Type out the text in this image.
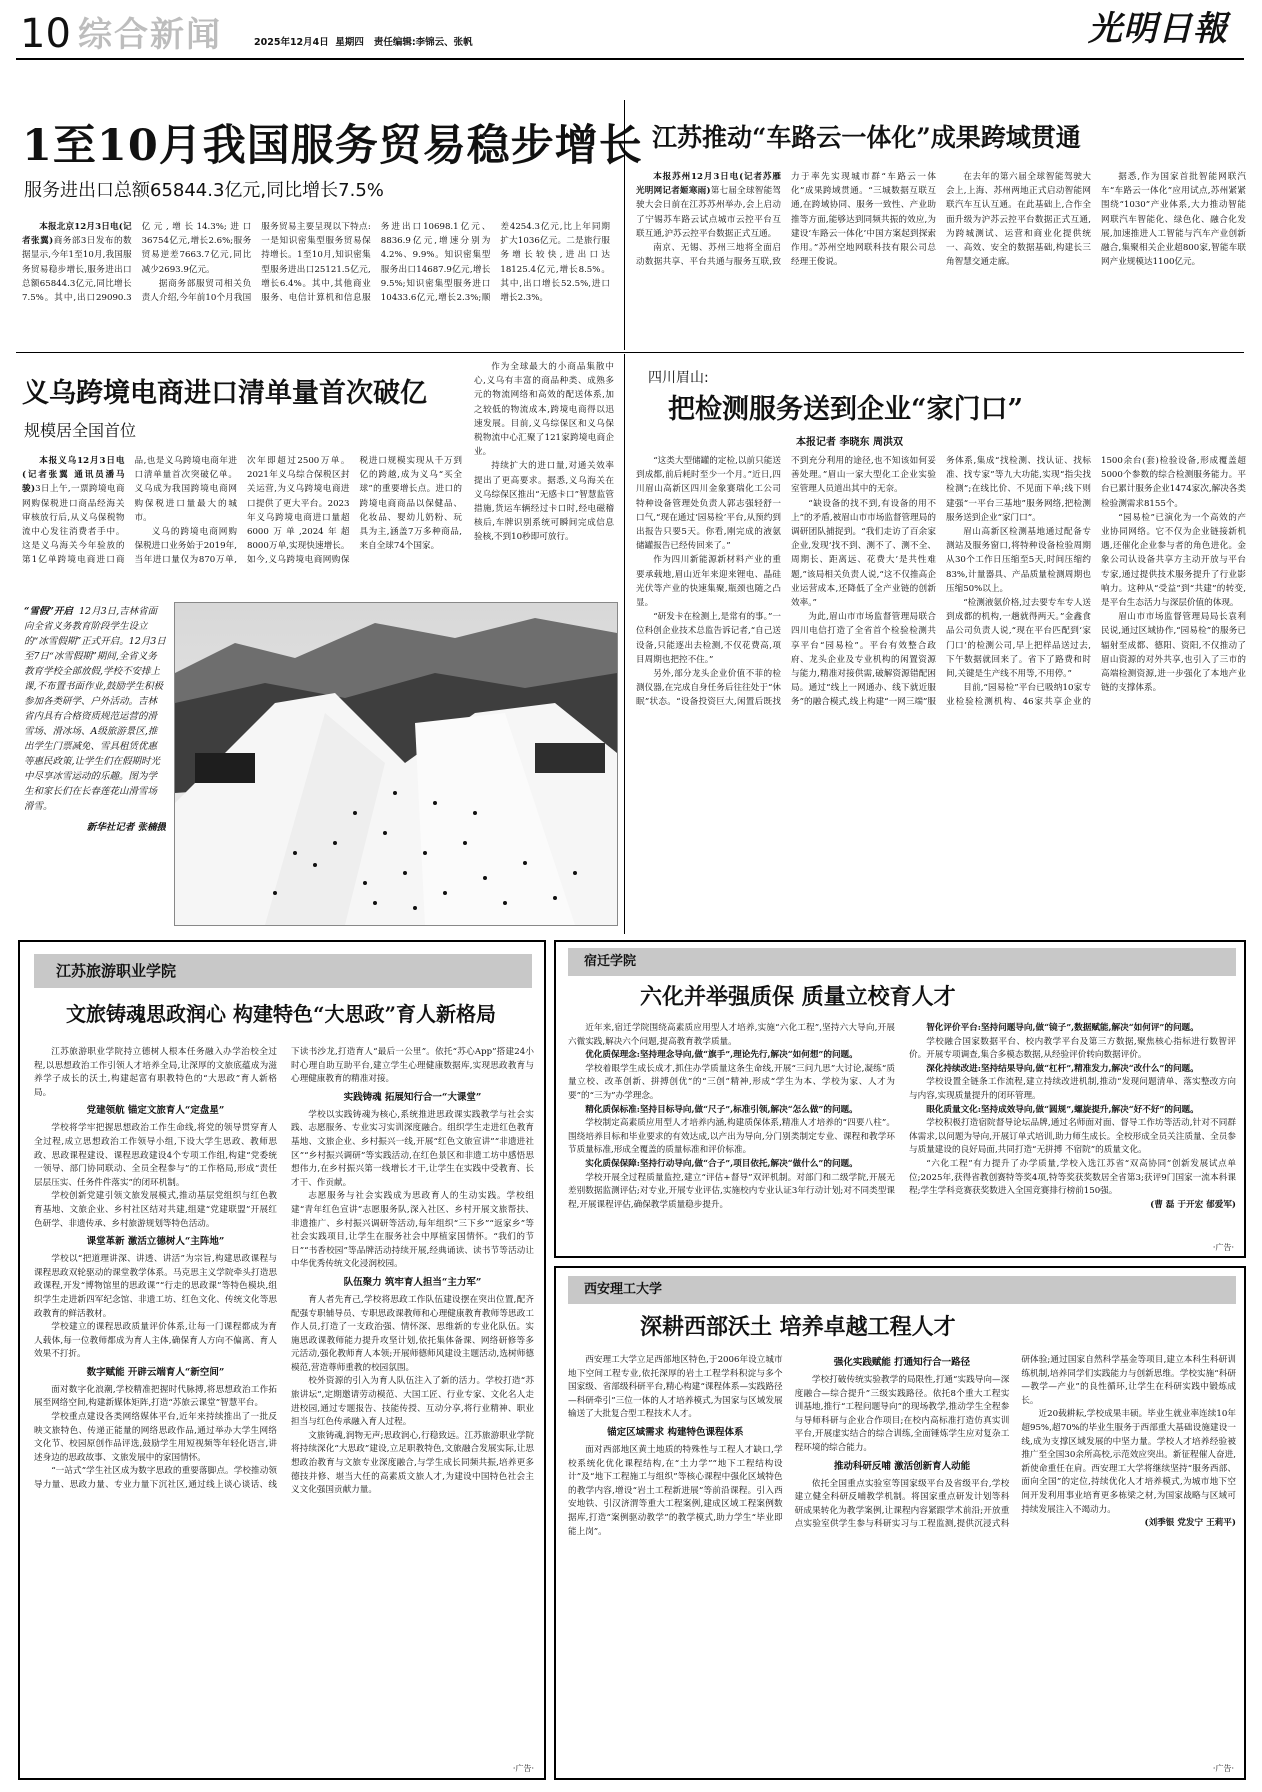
10 综合新闻	2025年12月4日 星期四 责任编辑:李锦云、张帆	光明日報
1至10月我国服务贸易稳步增长
服务进出口总额65844.3亿元,同比增长7.5%

本报北京12月3日电(记者张翼)商务部3日发布的数据显示,今年1至10月,我国服务贸易稳步增长,服务进出口总额65844.3亿元,同比增长7.5%。其中,出口29090.3亿元,增长14.3%;进口36754亿元,增长2.6%;服务贸易逆差7663.7亿元,同比减少2693.9亿元。

据商务部服贸司相关负责人介绍,今年前10个月我国服务贸易主要呈现以下特点:一是知识密集型服务贸易保持增长。1至10月,知识密集型服务进出口25121.5亿元,增长6.4%。其中,其他商业服务、电信计算机和信息服务进出口10698.1亿元、8836.9亿元,增速分别为4.2%、9.9%。知识密集型服务出口14687.9亿元,增长9.5%;知识密集型服务进口10433.6亿元,增长2.3%;顺差4254.3亿元,比上年同期扩大1036亿元。二是旅行服务增长较快,进出口达18125.4亿元,增长8.5%。其中,出口增长52.5%,进口增长2.3%。

江苏推动“车路云一体化”成果跨域贯通

本报苏州12月3日电(记者苏雁 光明网记者姬寒雨)第七届全球智能驾驶大会日前在江苏苏州举办,会上启动了宁锡苏车路云试点城市云控平台互联互通,沪苏云控平台数据正式互通。

南京、无锡、苏州三地将全面启动数据共享、平台共通与服务互联,致力于率先实现城市群“车路云一体化”成果跨域贯通。“三城数据互联互通,在跨域协同、服务一致性、产业助推等方面,能够达到同频共振的效应,为建设‘车路云一体化’中国方案起到探索作用。”苏州空地网联科技有限公司总经理王俊说。

在去年的第六届全球智能驾驶大会上,上海、苏州两地正式启动智能网联汽车互认互通。在此基础上,合作全面升级为沪苏云控平台数据正式互通,为跨城测试、运营和商业化提供统一、高效、安全的数据基础,构建长三角智慧交通走廊。

据悉,作为国家首批智能网联汽车“车路云一体化”应用试点,苏州紧紧围绕“1030”产业体系,大力推动智能网联汽车智能化、绿色化、融合化发展,加速推进人工智能与汽车产业创新融合,集聚相关企业超800家,智能车联网产业规模达1100亿元。

义乌跨境电商进口清单量首次破亿
规模居全国首位

本报义乌12月3日电(记者张翼 通讯员潘马骏)3日上午,一票跨境电商网购保税进口商品经海关审核放行后,从义乌保税物流中心发往消费者手中。这是义乌海关今年验放的第1亿单跨境电商进口商品,也是义乌跨境电商年进口清单量首次突破亿单。义乌成为我国跨境电商网购保税进口量最大的城市。

义乌的跨境电商网购保税进口业务始于2019年,当年进口量仅为870万单,次年即超过2500万单。2021年义乌综合保税区封关运营,为义乌跨境电商进口提供了更大平台。2023年义乌跨境电商进口量超6000万单,2024年超8000万单,实现快速增长。如今,义乌跨境电商网购保税进口规模实现从千万到亿的跨越,成为义乌“买全球”的重要增长点。进口的跨境电商商品以保健品、化妆品、婴幼儿奶粉、玩具为主,涵盖7万多种商品,来自全球74个国家。

作为全球最大的小商品集散中心,义乌有丰富的商品种类、成熟多元的物流网络和高效的配送体系,加之较低的物流成本,跨境电商得以迅速发展。目前,义乌综保区和义乌保税物流中心汇聚了121家跨境电商企业。

持续扩大的进口量,对通关效率提出了更高要求。据悉,义乌海关在义乌综保区推出“无感卡口”智慧监管措施,货运车辆经过卡口时,经电磁稽核后,车牌识别系统可瞬间完成信息验核,不到10秒即可放行。

“雪假”开启 12月3日,吉林省面向全省义务教育阶段学生设立的“冰雪假期”正式开启。12月3日至7日“冰雪假期”期间,全省义务教育学校全部放假,学校不安排上课,不布置书面作业,鼓励学生积极参加各类研学、户外活动。吉林省内具有合格资质规范运营的滑雪场、滑冰场、A级旅游景区,推出学生门票减免、雪具租赁优惠等惠民政策,让学生们在假期时光中尽享冰雪运动的乐趣。图为学生和家长们在长春莲花山滑雪场滑雪。

新华社记者 张楠摄

四川眉山:
把检测服务送到企业“家门口”
本报记者 李晓东 周洪双

“这类大型储罐的定检,以前只能送到成都,前后耗时至少一个月。”近日,四川眉山高新区四川金象赛瑞化工公司特种设备管理处负责人郭志强轻舒一口气,“现在通过‘园易检’平台,从预约到出报告只要5天。你看,刚完成的液氨储罐报告已经传回来了。”

作为四川新能源新材料产业的重要承载地,眉山近年来迎来锂电、晶硅光伏等产业的快速集聚,瓶颈也随之凸显。

“研发卡在检测上,是常有的事。”一位科创企业技术总监告诉记者,“自己送设备,只能逐出去检测,不仅花费高,项目周期也把控不住。”

另外,部分龙头企业价值不菲的检测仪器,在完成自身任务后往往处于“休眠”状态。“设备投资巨大,闲置后既找不到充分利用的途径,也不知该如何妥善处理。”眉山一家大型化工企业实验室管理人员道出其中的无奈。

“缺设备的找不到,有设备的用不上”的矛盾,被眉山市市场监督管理局的调研团队捕捉到。“我们走访了百余家企业,发现‘找不到、测不了、测不全、周期长、距离远、花费大’是共性难题,”该局相关负责人说,“这不仅推高企业运营成本,还降低了全产业链的创新效率。”

为此,眉山市市场监督管理局联合四川电信打造了全省首个检验检测共享平台“园易检”。平台有效整合政府、龙头企业及专业机构的闲置资源与能力,精准对接供需,破解资源错配困局。通过“线上一网通办、线下就近服务”的融合模式,线上构建“一网三端”服务体系,集成“找检测、找认证、找标准、找专家”等九大功能,实现“指尖找检测”;在线比价、不见面下单;线下则建强“一平台三基地”服务网络,把检测服务送到企业“家门口”。

眉山高新区检测基地通过配备专测站及服务窗口,将特种设备检验周期从30个工作日压缩至5天,时间压缩约83%,计量器具、产品质量检测周期也压缩50%以上。

“检测液氨价格,过去要专车专人送到成都的机构,一趟就得两天。”金鑫食品公司负责人说,“现在平台匹配到‘家门口’的检测公司,早上把样品送过去,下午数据就回来了。省下了路费和时间,关键是生产线不用等,不用停。”

目前,“园易检”平台已吸纳10家专业检验检测机构、46家共享企业的1500余台(套)检验设备,形成覆盖超5000个参数的综合检测服务能力。平台已累计服务企业1474家次,解决各类检验测需求8155个。

“园易检”已演化为一个高效的产业协同网络。它不仅为企业链接新机遇,还催化企业参与者的角色进化。金象公司认设备共享方主动开放与平台专家,通过提供技术服务提升了行业影响力。这种从“受益”到“共建”的转变,是平台生态活力与深层价值的体现。

眉山市市场监督管理局局长袁利民说,通过区域协作,“园易检”的服务已辐射至成都、德阳、资阳,不仅推动了眉山资源的对外共享,也引入了三市的高端检测资源,进一步强化了本地产业链的支撑体系。

江苏旅游职业学院
文旅铸魂思政润心 构建特色“大思政”育人新格局

江苏旅游职业学院持立德树人根本任务融入办学治校全过程,以思想政治工作引领人才培养全局,让深厚的文旅底蕴成为滋养学子成长的沃土,构建起富有职教特色的“大思政”育人新格局。

党建领航 锚定文旅育人“定盘星”

学校将学牢把握思想政治工作生命线,将党的领导贯穿育人全过程,成立思想政治工作领导小组,下设大学生思政、教师思政、思政课程建设、课程思政建设4个专项工作组,构建“党委统一领导、部门协同联动、全员全程参与”的工作格局,形成“责任层层压实、任务件件落实”的闭环机制。

学校创新党建引领文旅发展模式,推动基层党组织与红色教育基地、文旅企业、乡村社区结对共建,组建“党建联盟”开展红色研学、非遗传承、乡村旅游规划等特色活动。

课堂革新 激活立德树人“主阵地”

学校以“把道理讲深、讲透、讲活”为宗旨,构建思政课程与课程思政双轮驱动的课堂教学体系。马克思主义学院牵头打造思政课程,开发“博物馆里的思政课”“行走的思政课”等特色模块,组织学生走进新四军纪念馆、非遗工坊、红色文化、传统文化等思政教育的鲜活教材。

学校建立的课程思政质量评价体系,让每一门课程都成为育人载体,每一位教师都成为育人主体,确保育人方向不偏离、育人效果不打折。

数字赋能 开辟云端育人“新空间”

面对数字化浪潮,学校精准把握时代脉搏,将思想政治工作拓展至网络空间,构建新媒体矩阵,打造“苏旅云课堂”智慧平台。

学校重点建设各类网络媒体平台,近年来持续推出了一批反映文旅特色、传递正能量的网络思政作品,通过举办大学生网络文化节、校园原创作品评选,鼓励学生用短视频等年轻化语言,讲述身边的思政故事、文旅发展中的家国情怀。

“一站式”学生社区成为数字思政的重要落脚点。学校推动领导力量、思政力量、专业力量下沉社区,通过线上谈心谈话、线下读书沙龙,打造育人“最后一公里”。依托“苏心App”搭建24小时心理自助互助平台,建立学生心理健康数据库,实现思政教育与心理健康教育的精准对接。

实践铸魂 拓展知行合一“大课堂”

学校以实践铸魂为核心,系统推进思政课实践教学与社会实践、志愿服务、专业实习实训深度融合。组织学生走进红色教育基地、文旅企业、乡村振兴一线,开展“红色文旅宣讲”“非遗进社区”“乡村振兴调研”等实践活动,在红色景区和非遗工坊中感悟思想伟力,在乡村振兴第一线增长才干,让学生在实践中受教育、长才干、作贡献。

志愿服务与社会实践成为思政育人的生动实践。学校组建“青年红色宣讲”志愿服务队,深入社区、乡村开展文旅帮扶、非遗推广、乡村振兴调研等活动,每年组织“三下乡”“返家乡”等社会实践项目,让学生在服务社会中厚植家国情怀。“我们的节日”“书香校园”等品牌活动持续开展,经典诵读、读书节等活动让中华优秀传统文化浸润校园。

队伍聚力 筑牢育人担当“主力军”

育人者先育己,学校将思政工作队伍建设摆在突出位置,配齐配强专职辅导员、专职思政课教师和心理健康教育教师等思政工作人员,打造了一支政治强、情怀深、思维新的专业化队伍。实施思政课教师能力提升攻坚计划,依托集体备课、网络研修等多元活动,强化教师育人本领;开展师德师风建设主题活动,选树师德模范,营造尊师重教的校园氛围。

校外资源的引入为育人队伍注入了新的活力。学校打造“苏旅讲坛”,定期邀请劳动模范、大国工匠、行业专家、文化名人走进校园,通过专题报告、技能传授、互动分享,将行业精神、职业担当与红色传承融入育人过程。

文旅铸魂,润物无声;思政润心,行稳致远。江苏旅游职业学院将持续深化“大思政”建设,立足职教特色,文旅融合发展实际,让思想政治教育与文旅专业深度融合,与学生成长同频共振,培养更多德技并修、堪当大任的高素质文旅人才,为建设中国特色社会主义文化强国贡献力量。

·广告·
宿迁学院
六化并举强质保 质量立校育人才

近年来,宿迁学院围绕高素质应用型人才培养,实施“六化工程”,坚持六大导向,开展六微实践,解决六个问题,提高教育教学质量。

优化质保理念:坚持理念导向,做“旗手”,理论先行,解决“如何想”的问题。

学校着眼学生成长成才,抓住办学质量这条生命线,开展“三问九思”大讨论,凝练“质量立校、改革创新、拼搏创优”的“三创”精神,形成“学生为本、学校为家、人才为要”的“三为”办学理念。

精化质保标准:坚持目标导向,做“尺子”,标准引领,解决“怎么做”的问题。

学校制定高素质应用型人才培养内涵,构建质保体系,精准人才培养的“四要八柱”。围绕培养目标和毕业要求的有效达成,以产出为导向,分门别类制定专业、课程和教学环节质量标准,形成全覆盖的质量标准和评价标准。

实化质保保障:坚持行动导向,做“合子”,项目依托,解决“做什么”的问题。

学校开展全过程质量监控,建立“评估+督导”双评机制。对部门和二级学院,开展无差别数据监测评估;对专业,开展专业评估,实施校内专业认证3年行动计划;对不同类型课程,开展课程评估,确保教学质量稳步提升。

智化评价平台:坚持问题导向,做“镜子”,数据赋能,解决“如何评”的问题。

学校融合国家数据平台、校内教学平台及第三方数据,聚焦核心指标进行数智评价。开展专项调查,集合多模态数据,从经验评价转向数据评价。

深化持续改进:坚持结果导向,做“杠杆”,精准发力,解决“改什么”的问题。

学校设置全链条工作流程,建立持续改进机制,推动“发现问题清单、落实整改方向与内容,实现质量提升的闭环管理。

眼化质量文化:坚持成效导向,做“圆规”,螺旋提升,解决“好不好”的问题。

学校积极打造宿院督导论坛品牌,通过名师面对面、督导工作坊等活动,针对不同群体需求,以问题为导向,开展订单式培训,助力师生成长。全校形成全员关注质量、全员参与质量建设的良好局面,共同打造“无拼搏 不宿院”的质量文化。

“六化工程”有力提升了办学质量,学校入选江苏省“双高协同”创新发展试点单位;2025年,获得省教创赛特等奖4项,特等奖获奖数居全省第3;获评9门国家一流本科课程;学生学科竞赛获奖数进入全国竞赛排行榜前150强。

(曹 磊 于开宏 郁爱军)

·广告·
西安理工大学
深耕西部沃土 培养卓越工程人才

西安理工大学立足西部地区特色,于2006年设立城市地下空间工程专业,依托深厚的岩土工程学科积淀与多个国家级、省部级科研平台,精心构建“课程体系—实践路径—科研牵引”三位一体的人才培养模式,为国家与区域发展输送了大批复合型工程技术人才。

锚定区域需求 构建特色课程体系

面对西部地区黄土地质的特殊性与工程人才缺口,学校系统化优化课程结构,在“土力学”“地下工程结构设计”及“地下工程施工与组织”等核心课程中强化区域特色的教学内容,增设“岩土工程新进展”等前沿课程。引入西安地铁、引汉济渭等重大工程案例,建成区域工程案例数据库,打造“案例驱动教学”的教学模式,助力学生“毕业即能上岗”。

强化实践赋能 打通知行合一路径

学校打破传统实验教学的局限性,打通“实践导向—深度融合—综合提升”三级实践路径。依托8个重大工程实训基地,推行“工程问题导向”的现场教学,推动学生全程参与导师科研与企业合作项目;在校内高标准打造仿真实训平台,开展虚实结合的综合训练,全面锤炼学生应对复杂工程环境的综合能力。

推动科研反哺 激活创新育人动能

依托全国重点实验室等国家级平台及省级平台,学校建立健全科研反哺教学机制。将国家重点研发计划等科研成果转化为教学案例,让课程内容紧跟学术前沿;开放重点实验室供学生参与科研实习与工程监测,提供沉浸式科研体验;通过国家自然科学基金等项目,建立本科生科研训练机制,培养同学们实践能力与创新思维。学校实施“科研—教学—产业”的良性循环,让学生在科研实践中锻炼成长。

近20载耕耘,学校成果丰硕。毕业生就业率连续10年超95%,超70%的毕业生服务于西部重大基础设施建设一线,成为支撑区域发展的中坚力量。学校人才培养经验被推广至全国30余所高校,示范效应突出。新征程催人奋进,新使命重任在肩。西安理工大学将继续坚持“服务西部、面向全国”的定位,持续优化人才培养模式,为城市地下空间开发利用事业培育更多栋梁之材,为国家战略与区域可持续发展注入不竭动力。

(刘季银 党发宁 王莉平)

·广告·
